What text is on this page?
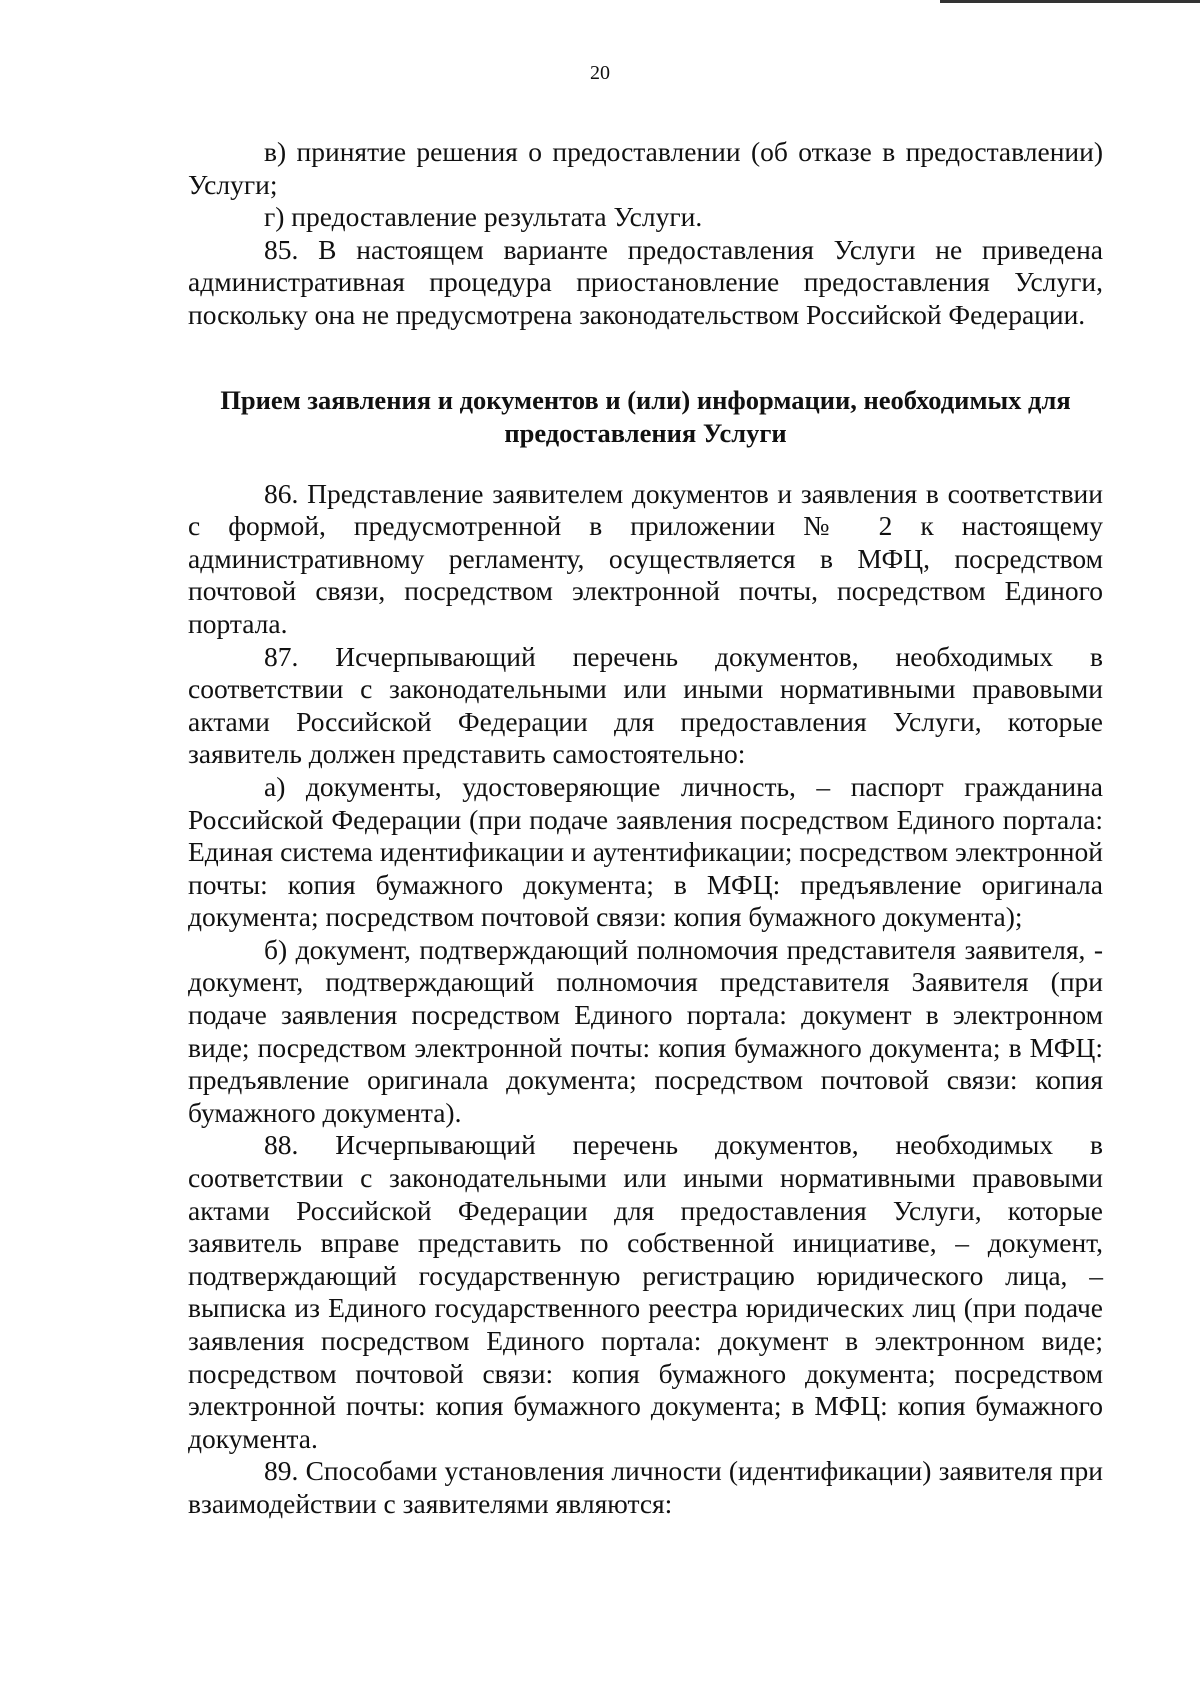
20

в) принятие решения о предоставлении (об отказе в предоставлении) Услуги;

г) предоставление результата Услуги.

85. В настоящем варианте предоставления Услуги не приведена административная процедура приостановление предоставления Услуги, поскольку она не предусмотрена законодательством Российской Федерации.

Прием заявления и документов и (или) информации, необходимых для предоставления Услуги

86. Представление заявителем документов и заявления в соответствии с формой, предусмотренной в приложении № 2 к настоящему административному регламенту, осуществляется в МФЦ, посредством почтовой связи, посредством электронной почты, посредством Единого портала.

87. Исчерпывающий перечень документов, необходимых в соответствии с законодательными или иными нормативными правовыми актами Российской Федерации для предоставления Услуги, которые заявитель должен представить самостоятельно:

а) документы, удостоверяющие личность, – паспорт гражданина Российской Федерации (при подаче заявления посредством Единого портала: Единая система идентификации и аутентификации; посредством электронной почты: копия бумажного документа; в МФЦ: предъявление оригинала документа; посредством почтовой связи: копия бумажного документа);

б) документ, подтверждающий полномочия представителя заявителя, - документ, подтверждающий полномочия представителя Заявителя (при подаче заявления посредством Единого портала: документ в электронном виде; посредством электронной почты: копия бумажного документа; в МФЦ: предъявление оригинала документа; посредством почтовой связи: копия бумажного документа).

88. Исчерпывающий перечень документов, необходимых в соответствии с законодательными или иными нормативными правовыми актами Российской Федерации для предоставления Услуги, которые заявитель вправе представить по собственной инициативе, – документ, подтверждающий государственную регистрацию юридического лица, – выписка из Единого государственного реестра юридических лиц (при подаче заявления посредством Единого портала: документ в электронном виде; посредством почтовой связи: копия бумажного документа; посредством электронной почты: копия бумажного документа; в МФЦ: копия бумажного документа.

89. Способами установления личности (идентификации) заявителя при взаимодействии с заявителями являются:
